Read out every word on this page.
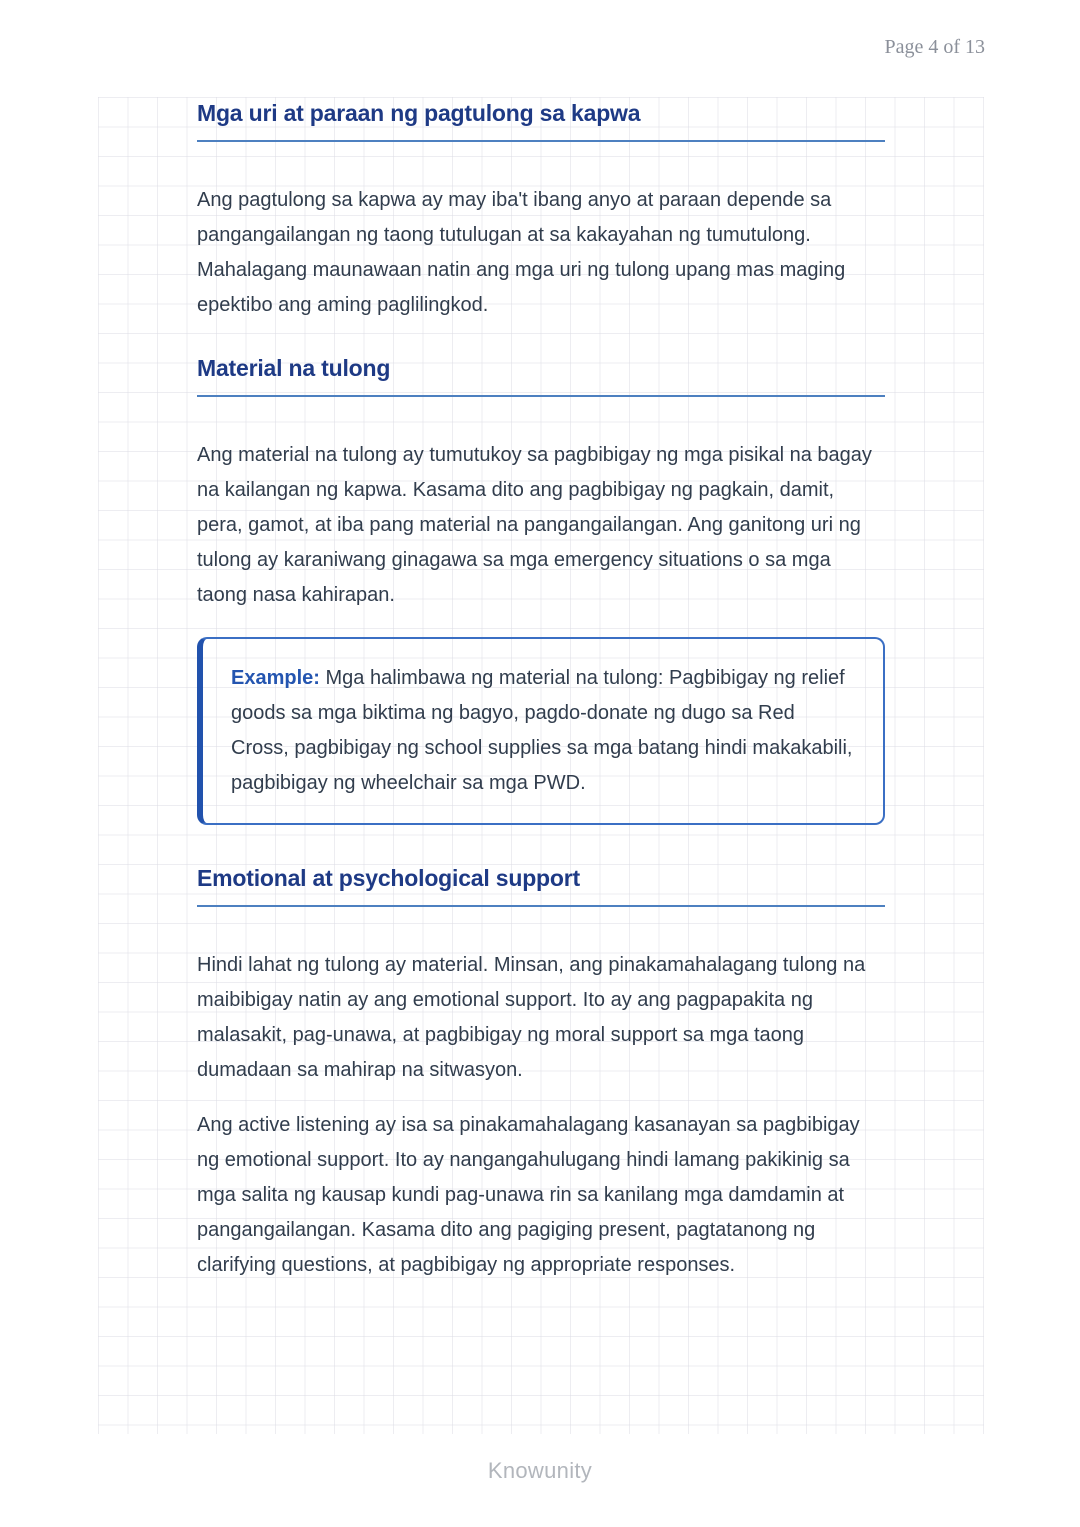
Page 4 of 13
Mga uri at paraan ng pagtulong sa kapwa

Ang pagtulong sa kapwa ay may iba't ibang anyo at paraan depende sa pangangailangan ng taong tutulugan at sa kakayahan ng tumutulong. Mahalagang maunawaan natin ang mga uri ng tulong upang mas maging epektibo ang aming paglilingkod.

Material na tulong

Ang material na tulong ay tumutukoy sa pagbibigay ng mga pisikal na bagay na kailangan ng kapwa. Kasama dito ang pagbibigay ng pagkain, damit, pera, gamot, at iba pang material na pangangailangan. Ang ganitong uri ng tulong ay karaniwang ginagawa sa mga emergency situations o sa mga taong nasa kahirapan.

Example: Mga halimbawa ng material na tulong: Pagbibigay ng relief goods sa mga biktima ng bagyo, pagdo-donate ng dugo sa Red Cross, pagbibigay ng school supplies sa mga batang hindi makakabili, pagbibigay ng wheelchair sa mga PWD.

Emotional at psychological support

Hindi lahat ng tulong ay material. Minsan, ang pinakamahalagang tulong na maibibigay natin ay ang emotional support. Ito ay ang pagpapakita ng malasakit, pag-unawa, at pagbibigay ng moral support sa mga taong dumadaan sa mahirap na sitwasyon.

Ang active listening ay isa sa pinakamahalagang kasanayan sa pagbibigay ng emotional support. Ito ay nangangahulugang hindi lamang pakikinig sa mga salita ng kausap kundi pag-unawa rin sa kanilang mga damdamin at pangangailangan. Kasama dito ang pagiging present, pagtatanong ng clarifying questions, at pagbibigay ng appropriate responses.

Knowunity
